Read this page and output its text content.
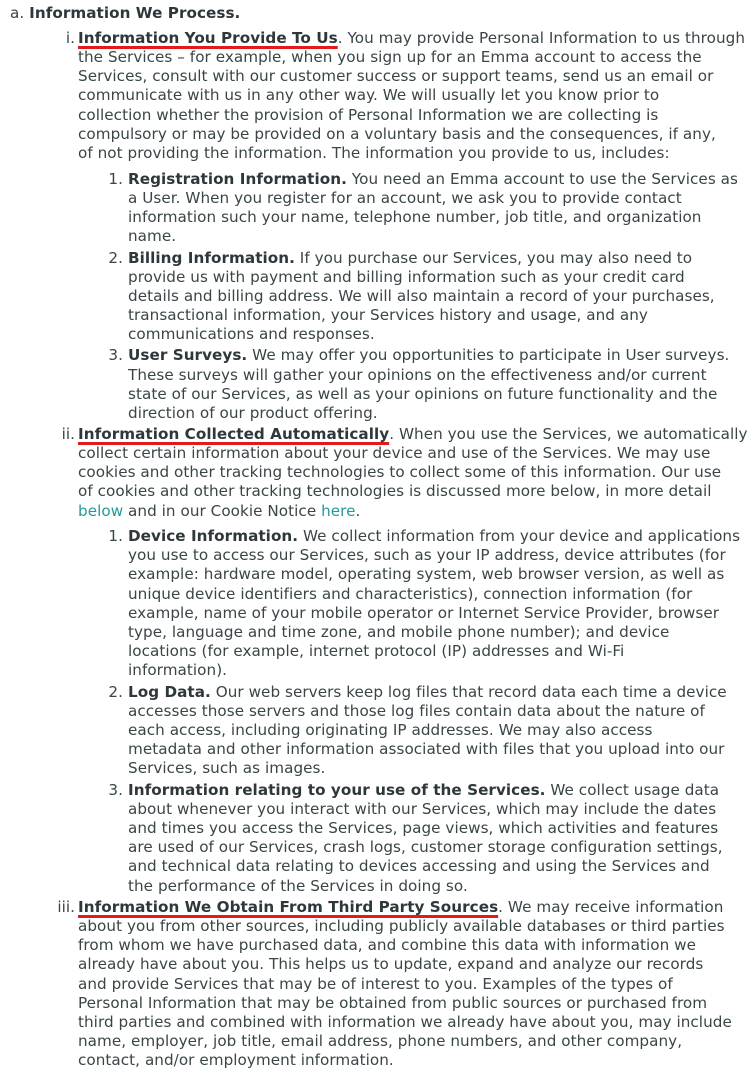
a. Information We Process.
i. Information You Provide To Us. You may provide Personal Information to us through
the Services – for example, when you sign up for an Emma account to access the
Services, consult with our customer success or support teams, send us an email or
communicate with us in any other way. We will usually let you know prior to
collection whether the provision of Personal Information we are collecting is
compulsory or may be provided on a voluntary basis and the consequences, if any,
of not providing the information. The information you provide to us, includes:
1. Registration Information. You need an Emma account to use the Services as
a User. When you register for an account, we ask you to provide contact
information such your name, telephone number, job title, and organization
name.
2. Billing Information. If you purchase our Services, you may also need to
provide us with payment and billing information such as your credit card
details and billing address. We will also maintain a record of your purchases,
transactional information, your Services history and usage, and any
communications and responses.
3. User Surveys. We may offer you opportunities to participate in User surveys.
These surveys will gather your opinions on the effectiveness and/or current
state of our Services, as well as your opinions on future functionality and the
direction of our product offering.
ii. Information Collected Automatically. When you use the Services, we automatically
collect certain information about your device and use of the Services. We may use
cookies and other tracking technologies to collect some of this information. Our use
of cookies and other tracking technologies is discussed more below, in more detail
below and in our Cookie Notice here.
1. Device Information. We collect information from your device and applications
you use to access our Services, such as your IP address, device attributes (for
example: hardware model, operating system, web browser version, as well as
unique device identifiers and characteristics), connection information (for
example, name of your mobile operator or Internet Service Provider, browser
type, language and time zone, and mobile phone number); and device
locations (for example, internet protocol (IP) addresses and Wi-Fi
information).
2. Log Data. Our web servers keep log files that record data each time a device
accesses those servers and those log files contain data about the nature of
each access, including originating IP addresses. We may also access
metadata and other information associated with files that you upload into our
Services, such as images.
3. Information relating to your use of the Services. We collect usage data
about whenever you interact with our Services, which may include the dates
and times you access the Services, page views, which activities and features
are used of our Services, crash logs, customer storage configuration settings,
and technical data relating to devices accessing and using the Services and
the performance of the Services in doing so.
iii. Information We Obtain From Third Party Sources. We may receive information
about you from other sources, including publicly available databases or third parties
from whom we have purchased data, and combine this data with information we
already have about you. This helps us to update, expand and analyze our records
and provide Services that may be of interest to you. Examples of the types of
Personal Information that may be obtained from public sources or purchased from
third parties and combined with information we already have about you, may include
name, employer, job title, email address, phone numbers, and other company,
contact, and/or employment information.
